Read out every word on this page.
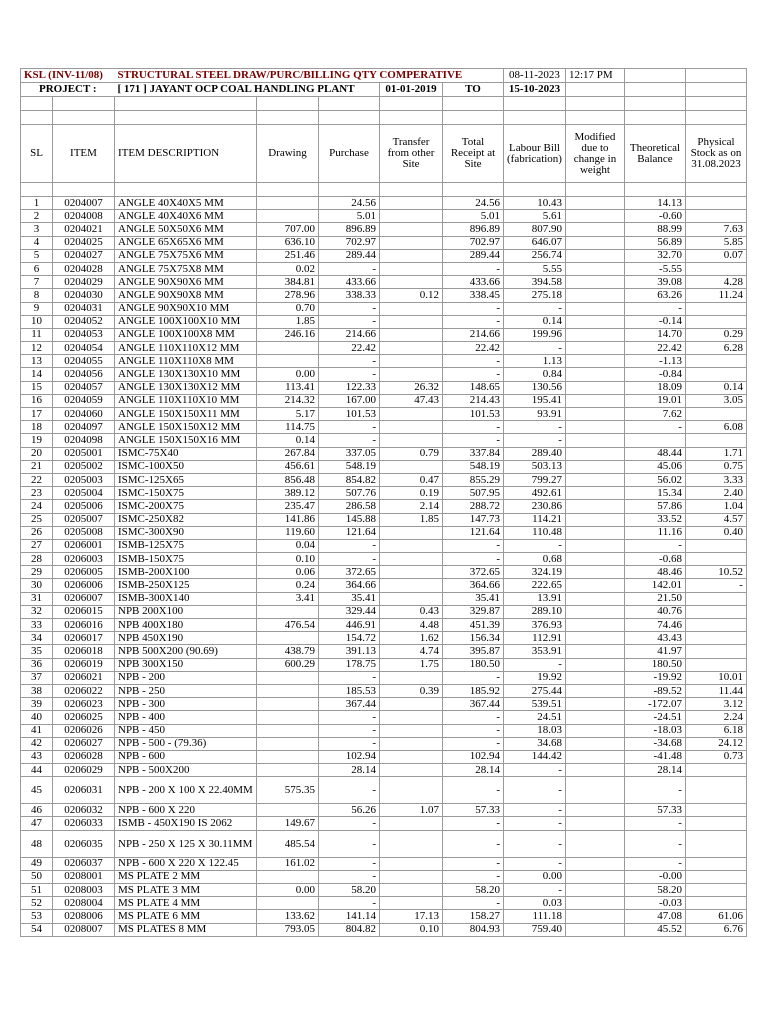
KSL (INV-11/08)		STRUCTURAL STEEL DRAW/PURC/BILLING QTY COMPERATIVE					08-11-2023	12:17 PM		
PROJECT :		[ 171 ] JAYANT OCP COAL HANDLING PLANT			01-01-2019	TO	15-10-2023			

SL	ITEM	ITEM DESCRIPTION	Drawing	Purchase	Transfer from other Site	Total Receipt at Site	Labour Bill (fabrication)	Modified due to change in weight	Theoretical Balance	Physical Stock as on 31.08.2023

1	0204007	ANGLE 40X40X5 MM		24.56		24.56	10.43		14.13	
2	0204008	ANGLE 40X40X6 MM		5.01		5.01	5.61		-0.60	
3	0204021	ANGLE 50X50X6 MM	707.00	896.89		896.89	807.90		88.99	7.63
4	0204025	ANGLE 65X65X6 MM	636.10	702.97		702.97	646.07		56.89	5.85
5	0204027	ANGLE 75X75X6 MM	251.46	289.44		289.44	256.74		32.70	0.07
6	0204028	ANGLE 75X75X8 MM	0.02	-		-	5.55		-5.55	
7	0204029	ANGLE 90X90X6 MM	384.81	433.66		433.66	394.58		39.08	4.28
8	0204030	ANGLE 90X90X8 MM	278.96	338.33	0.12	338.45	275.18		63.26	11.24
9	0204031	ANGLE 90X90X10 MM	0.70	-		-	-		-	
10	0204052	ANGLE 100X100X10 MM	1.85	-		-	0.14		-0.14	
11	0204053	ANGLE 100X100X8 MM	246.16	214.66		214.66	199.96		14.70	0.29
12	0204054	ANGLE 110X110X12 MM		22.42		22.42	-		22.42	6.28
13	0204055	ANGLE 110X110X8 MM		-		-	1.13		-1.13	
14	0204056	ANGLE 130X130X10 MM	0.00	-		-	0.84		-0.84	
15	0204057	ANGLE 130X130X12 MM	113.41	122.33	26.32	148.65	130.56		18.09	0.14
16	0204059	ANGLE 110X110X10 MM	214.32	167.00	47.43	214.43	195.41		19.01	3.05
17	0204060	ANGLE 150X150X11 MM	5.17	101.53		101.53	93.91		7.62	
18	0204097	ANGLE 150X150X12 MM	114.75	-		-	-		-	6.08
19	0204098	ANGLE 150X150X16 MM	0.14	-		-	-			
20	0205001	ISMC-75X40	267.84	337.05	0.79	337.84	289.40		48.44	1.71
21	0205002	ISMC-100X50	456.61	548.19		548.19	503.13		45.06	0.75
22	0205003	ISMC-125X65	856.48	854.82	0.47	855.29	799.27		56.02	3.33
23	0205004	ISMC-150X75	389.12	507.76	0.19	507.95	492.61		15.34	2.40
24	0205006	ISMC-200X75	235.47	286.58	2.14	288.72	230.86		57.86	1.04
25	0205007	ISMC-250X82	141.86	145.88	1.85	147.73	114.21		33.52	4.57
26	0205008	ISMC-300X90	119.60	121.64		121.64	110.48		11.16	0.40
27	0206001	ISMB-125X75	0.04	-		-	-		-	
28	0206003	ISMB-150X75	0.10	-		-	0.68		-0.68	
29	0206005	ISMB-200X100	0.06	372.65		372.65	324.19		48.46	10.52
30	0206006	ISMB-250X125	0.24	364.66		364.66	222.65		142.01	-
31	0206007	ISMB-300X140	3.41	35.41		35.41	13.91		21.50	
32	0206015	NPB 200X100		329.44	0.43	329.87	289.10		40.76	
33	0206016	NPB 400X180	476.54	446.91	4.48	451.39	376.93		74.46	
34	0206017	NPB 450X190		154.72	1.62	156.34	112.91		43.43	
35	0206018	NPB 500X200 (90.69)	438.79	391.13	4.74	395.87	353.91		41.97	
36	0206019	NPB 300X150	600.29	178.75	1.75	180.50	-		180.50	
37	0206021	NPB - 200		-		-	19.92		-19.92	10.01
38	0206022	NPB - 250		185.53	0.39	185.92	275.44		-89.52	11.44
39	0206023	NPB - 300		367.44		367.44	539.51		-172.07	3.12
40	0206025	NPB - 400		-		-	24.51		-24.51	2.24
41	0206026	NPB - 450		-		-	18.03		-18.03	6.18
42	0206027	NPB - 500 - (79.36)		-		-	34.68		-34.68	24.12
43	0206028	NPB - 600		102.94		102.94	144.42		-41.48	0.73
44	0206029	NPB - 500X200		28.14		28.14	-		28.14	
45	0206031	NPB - 200 X 100 X 22.40MM	575.35	-		-	-		-	
46	0206032	NPB - 600 X 220		56.26	1.07	57.33	-		57.33	
47	0206033	ISMB - 450X190 IS 2062	149.67	-		-	-		-	
48	0206035	NPB - 250 X 125 X 30.11MM	485.54	-		-	-		-	
49	0206037	NPB - 600 X 220 X 122.45	161.02	-		-	-		-	
50	0208001	MS PLATE 2 MM		-		-	0.00		-0.00	
51	0208003	MS PLATE 3 MM	0.00	58.20		58.20	-		58.20	
52	0208004	MS PLATE 4 MM		-		-	0.03		-0.03	
53	0208006	MS PLATE 6 MM	133.62	141.14	17.13	158.27	111.18		47.08	61.06
54	0208007	MS PLATES 8 MM	793.05	804.82	0.10	804.93	759.40		45.52	6.76
